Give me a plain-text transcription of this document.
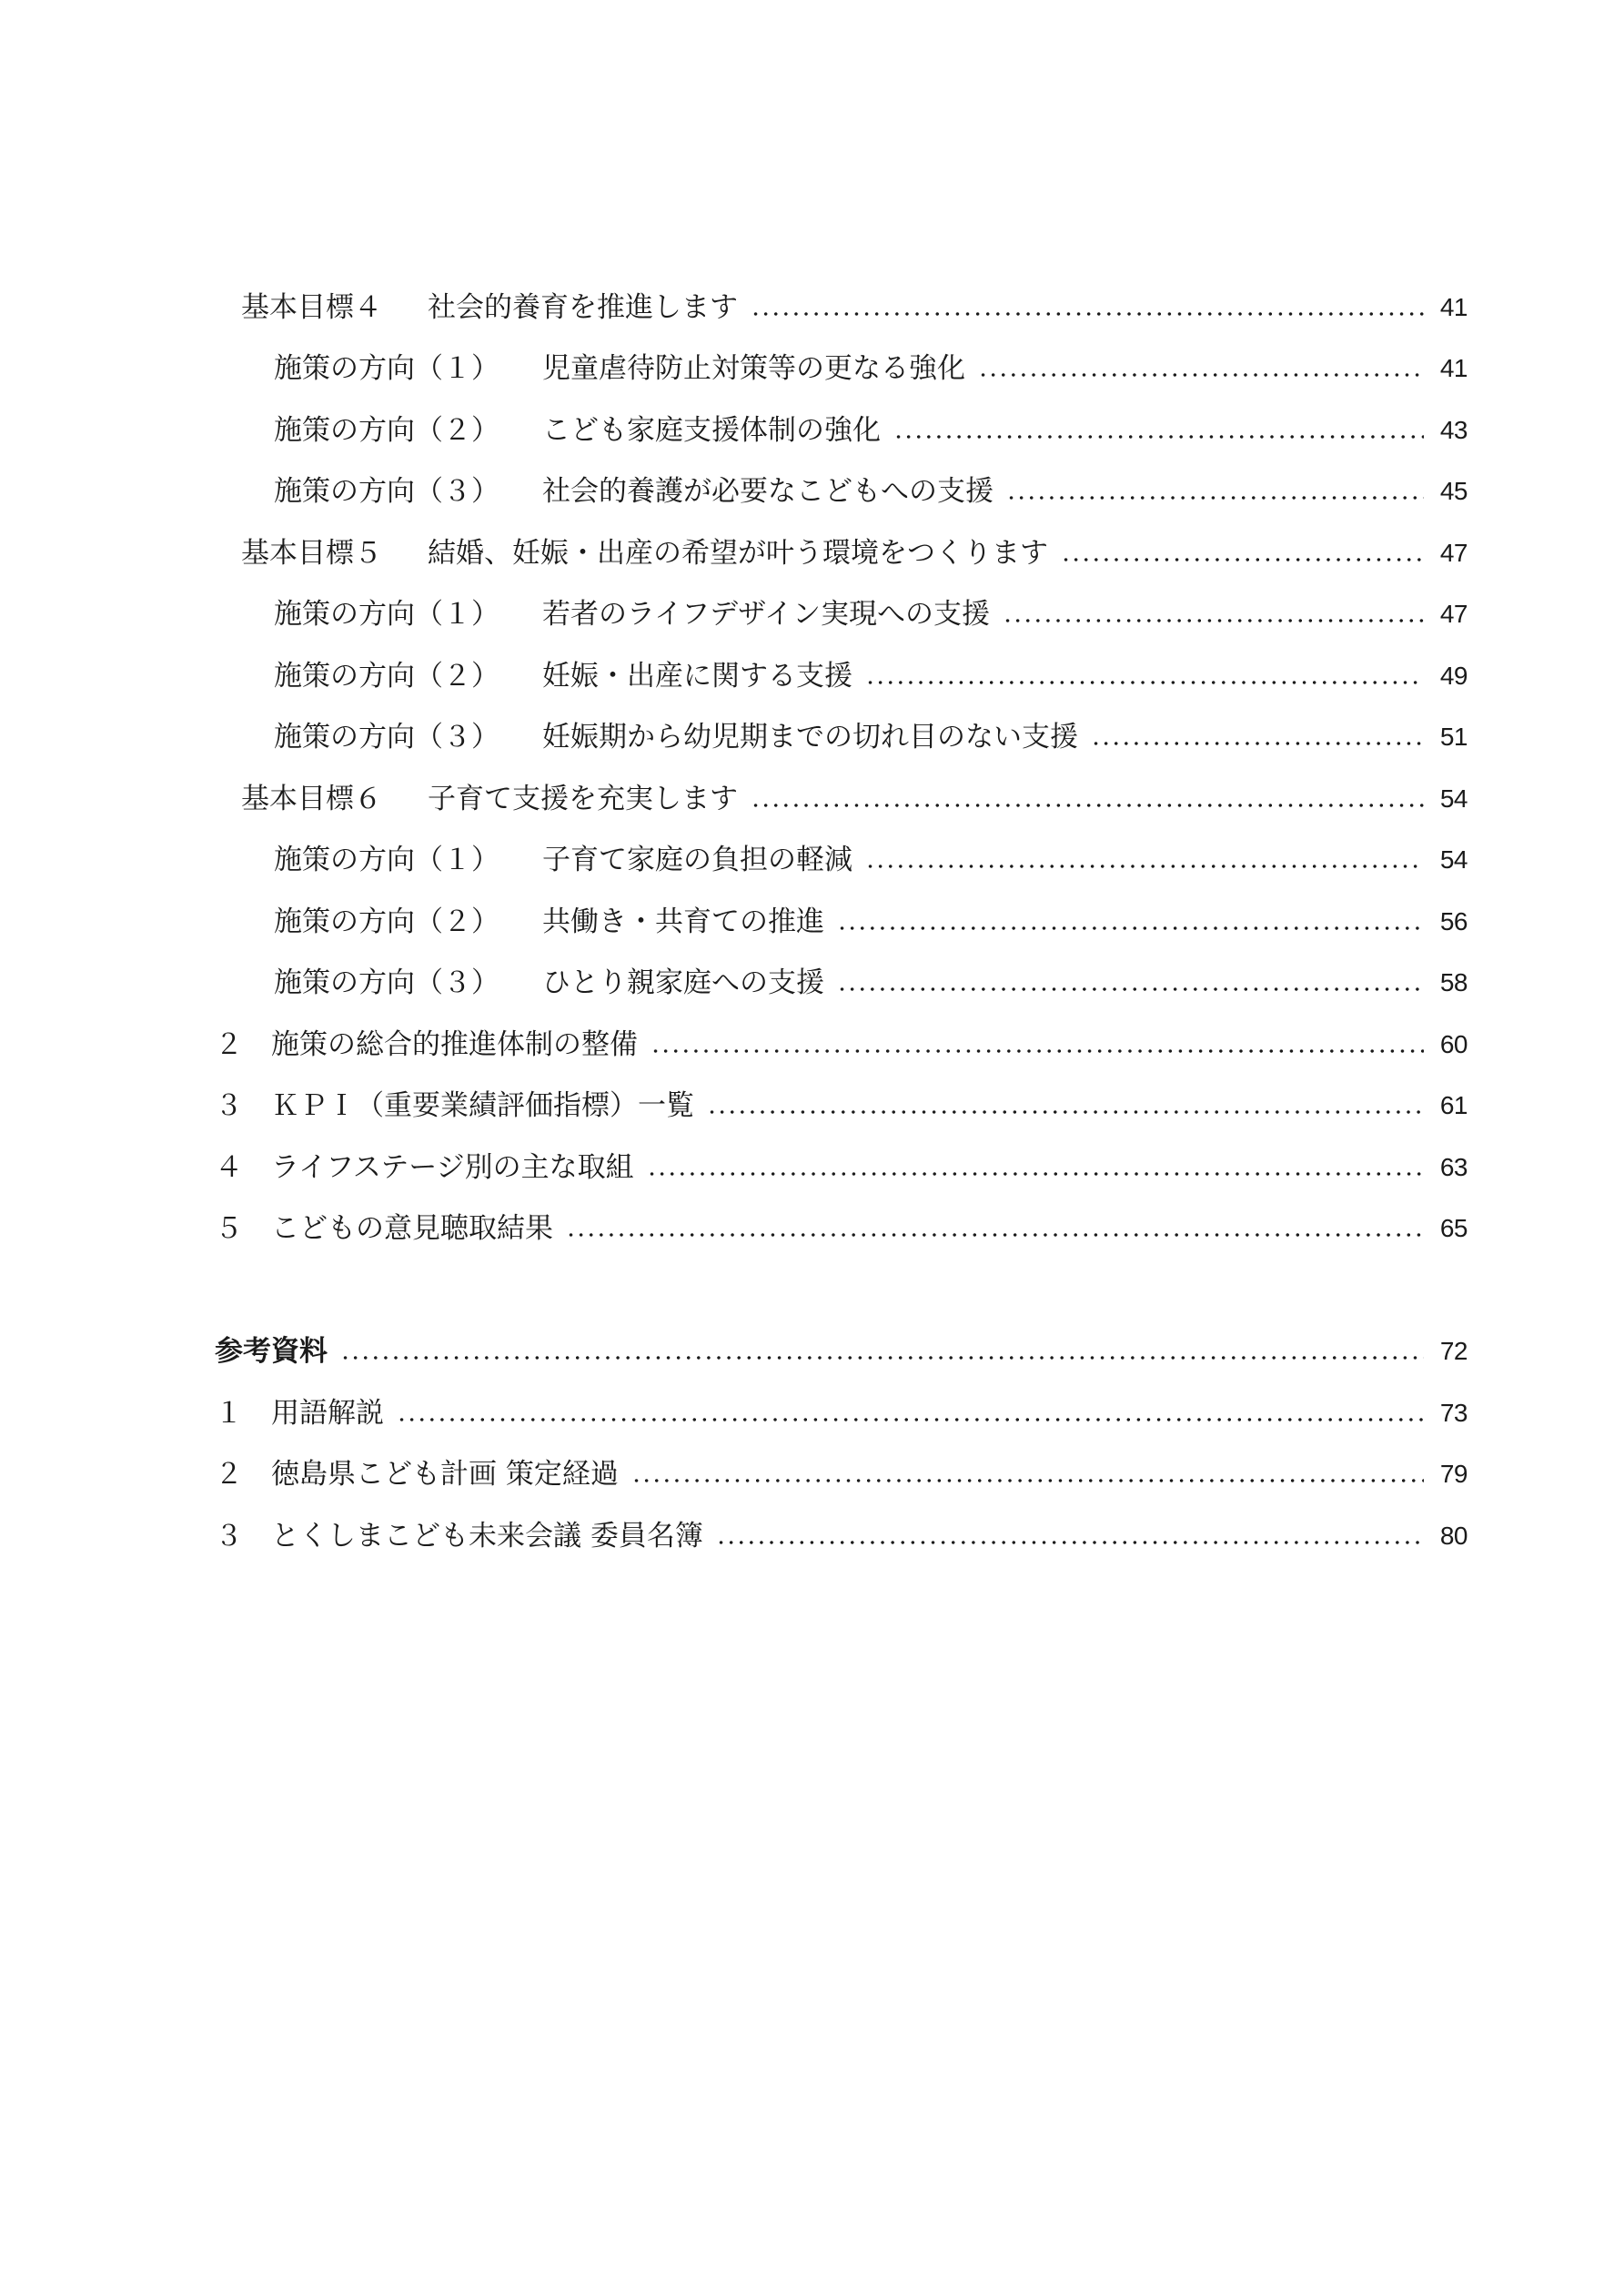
基本目標４	社会的養育を推進します	41
施策の方向（１）	児童虐待防止対策等の更なる強化	41
施策の方向（２）	こども家庭支援体制の強化	43
施策の方向（３）	社会的養護が必要なこどもへの支援	45
基本目標５	結婚、妊娠・出産の希望が叶う環境をつくります	47
施策の方向（１）	若者のライフデザイン実現への支援	47
施策の方向（２）	妊娠・出産に関する支援	49
施策の方向（３）	妊娠期から幼児期までの切れ目のない支援	51
基本目標６	子育て支援を充実します	54
施策の方向（１）	子育て家庭の負担の軽減	54
施策の方向（２）	共働き・共育ての推進	56
施策の方向（３）	ひとり親家庭への支援	58
２	施策の総合的推進体制の整備	60
３	ＫＰＩ（重要業績評価指標）一覧	61
４	ライフステージ別の主な取組	63
５	こどもの意見聴取結果	65
参考資料	72
１	用語解説	73
２	徳島県こども計画 策定経過	79
３	とくしまこども未来会議 委員名簿	80
